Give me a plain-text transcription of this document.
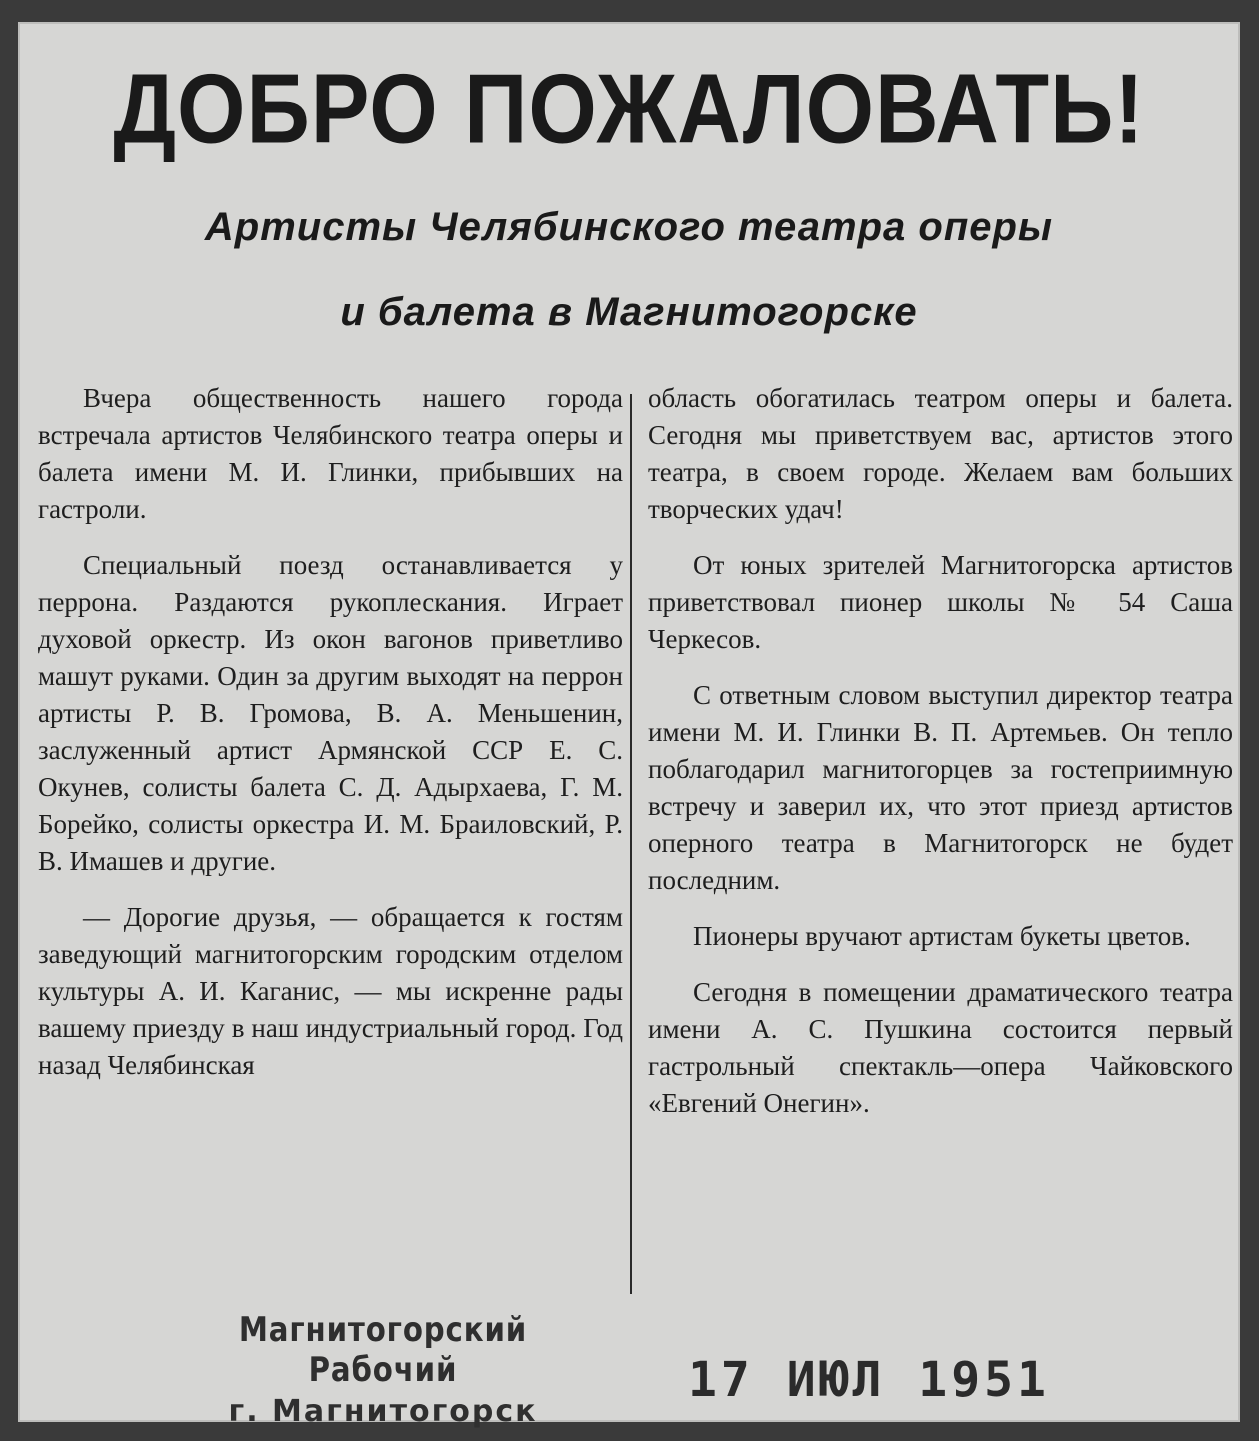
ДОБРО ПОЖАЛОВАТЬ!
Артисты Челябинского театра оперы
и балета в Магнитогорске

Вчера общественность нашего города встречала артистов Челябинского театра оперы и балета имени М. И. Глинки, прибывших на гастроли.

Специальный поезд останавливается у перрона. Раздаются рукоплескания. Играет духовой оркестр. Из окон вагонов приветливо машут руками. Один за другим выходят на перрон артисты Р. В. Громова, В. А. Меньшенин, заслуженный артист Армянской ССР Е. С. Окунев, солисты балета С. Д. Адырхаева, Г. М. Борейко, солисты оркестра И. М. Браиловский, Р. В. Имашев и другие.

— Дорогие друзья, — обращается к гостям заведующий магнитогорским городским отделом культуры А. И. Каганис, — мы искренне рады вашему приезду в наш индустриальный город. Год назад Челябинская

область обогатилась театром оперы и балета. Сегодня мы приветствуем вас, артистов этого театра, в своем городе. Желаем вам больших творческих удач!

От юных зрителей Магнитогорска артистов приветствовал пионер школы № 54 Саша Черкесов.

С ответным словом выступил директор театра имени М. И. Глинки В. П. Артемьев. Он тепло поблагодарил магнитогорцев за гостеприимную встречу и заверил их, что этот приезд артистов оперного театра в Магнитогорск не будет последним.

Пионеры вручают артистам букеты цветов.

Сегодня в помещении драматического театра имени А. С. Пушкина состоится первый гастрольный спектакль—опера Чайковского «Евгений Онегин».

Магнитогорский Рабочий
г. Магнитогорск
17 ИЮЛ 1951
